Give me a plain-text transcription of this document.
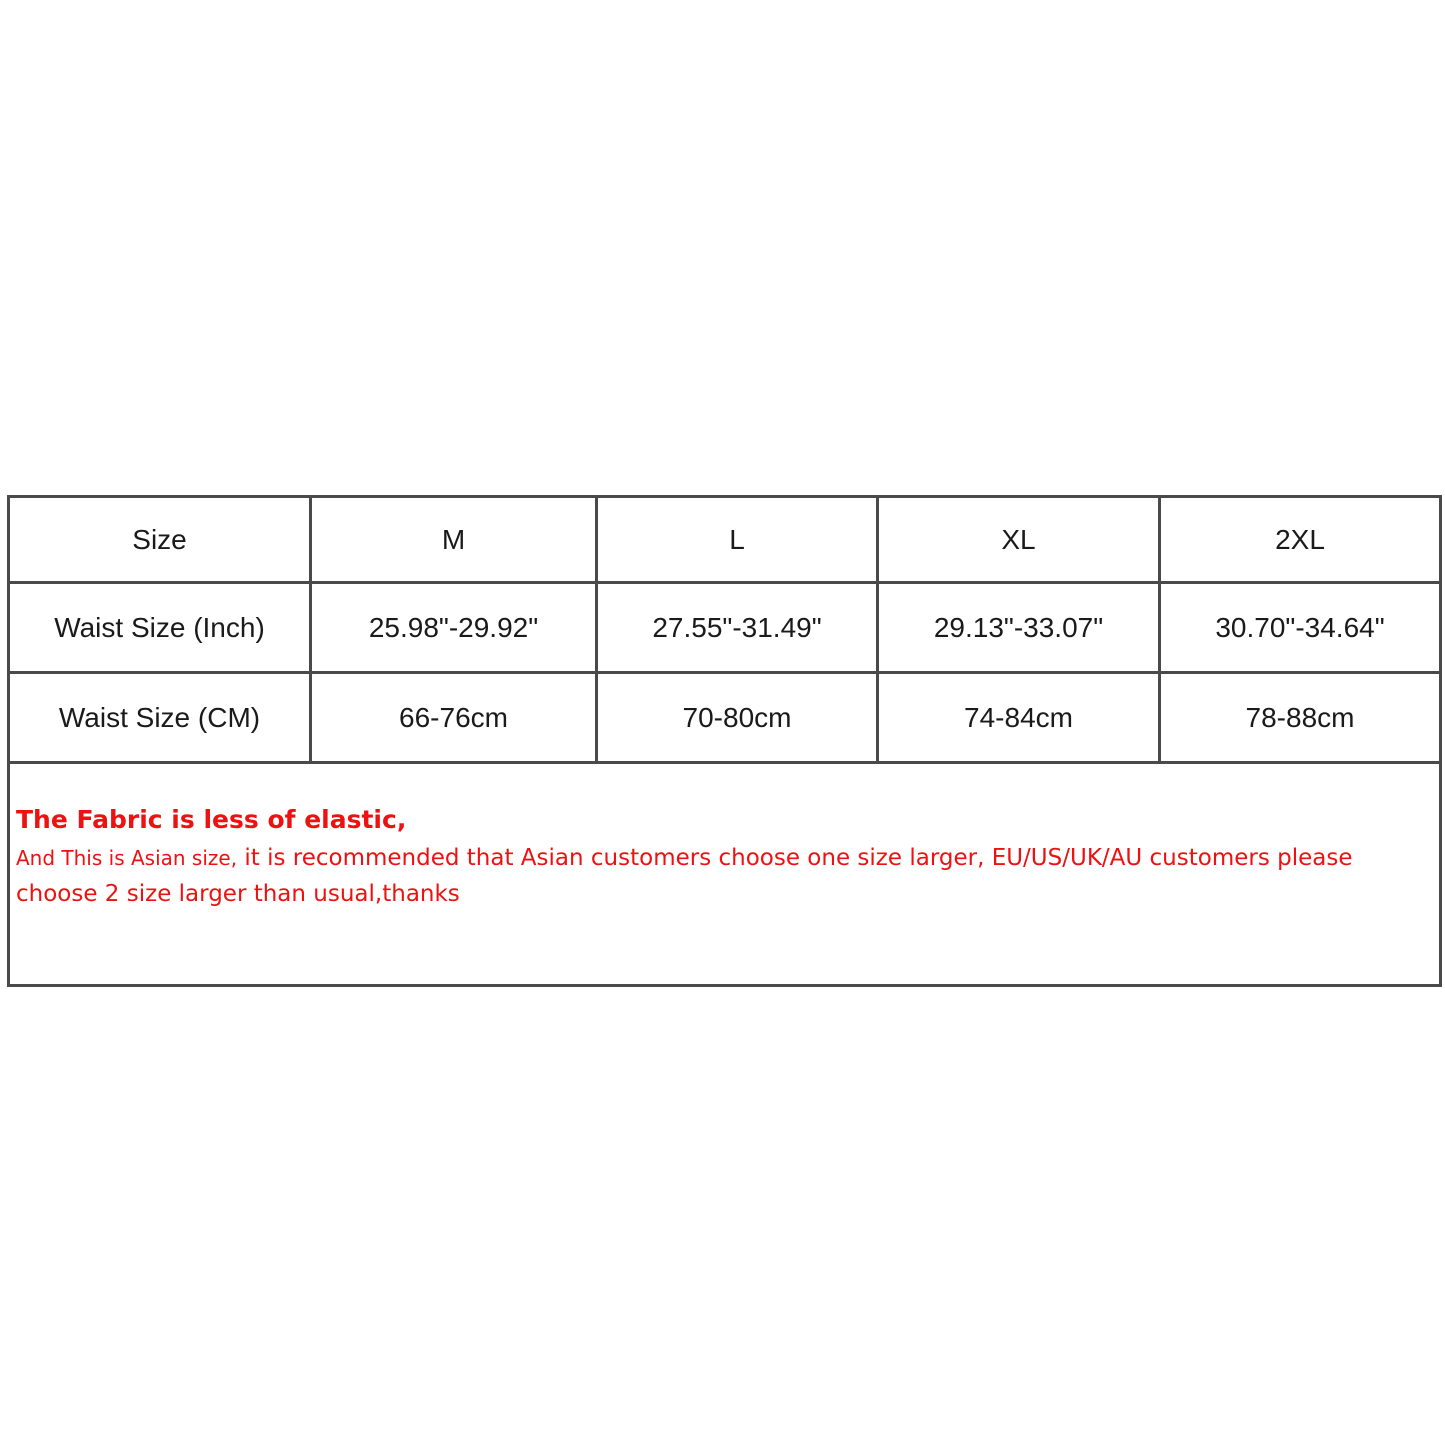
Size	M	L	XL	2XL
Waist Size (Inch)	25.98"-29.92"	27.55"-31.49"	29.13"-33.07"	30.70"-34.64"
Waist Size (CM)	66-76cm	70-80cm	74-84cm	78-88cm

The Fabric is less of elastic,
And This is Asian size, it is recommended that Asian customers choose one size larger, EU/US/UK/AU customers please choose 2 size larger than usual,thanks				
